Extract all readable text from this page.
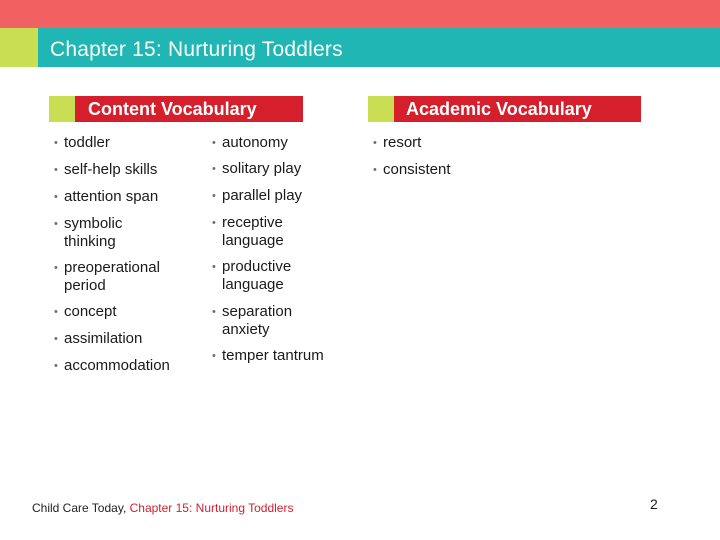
Chapter 15: Nurturing Toddlers
Content Vocabulary	Academic Vocabulary
• toddler
• self-help skills
• attention span
• symbolic
thinking
• preoperational
period
• concept
• assimilation
• accommodation
• autonomy
• solitary play
• parallel play
• receptive
language
• productive
language
• separation
anxiety
• temper tantrum
• resort
• consistent
Child Care Today, Chapter 15: Nurturing Toddlers	2
